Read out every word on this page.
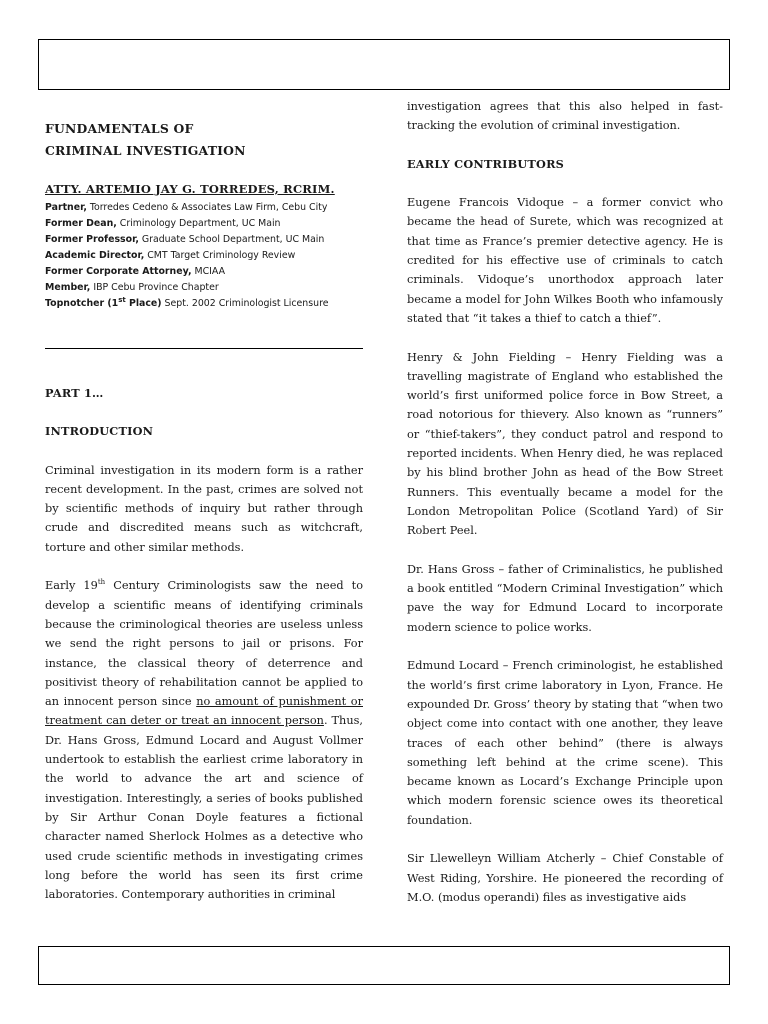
FUNDAMENTALS OF
CRIMINAL INVESTIGATION
ATTY. ARTEMIO JAY G. TORREDES, RCRIM.
Partner, Torredes Cedeno & Associates Law Firm, Cebu City
Former Dean, Criminology Department, UC Main
Former Professor, Graduate School Department, UC Main
Academic Director, CMT Target Criminology Review
Former Corporate Attorney, MCIAA
Member, IBP Cebu Province Chapter
Topnotcher (1st Place) Sept. 2002 Criminologist Licensure
PART 1…
INTRODUCTION
Criminal investigation in its modern form is a rather recent development. In the past, crimes are solved not by scientific methods of inquiry but rather through crude and discredited means such as witchcraft, torture and other similar methods.
Early 19th Century Criminologists saw the need to develop a scientific means of identifying criminals because the criminological theories are useless unless we send the right persons to jail or prisons. For instance, the classical theory of deterrence and positivist theory of rehabilitation cannot be applied to an innocent person since no amount of punishment or treatment can deter or treat an innocent person. Thus, Dr. Hans Gross, Edmund Locard and August Vollmer undertook to establish the earliest crime laboratory in the world to advance the art and science of investigation. Interestingly, a series of books published by Sir Arthur Conan Doyle features a fictional character named Sherlock Holmes as a detective who used crude scientific methods in investigating crimes long before the world has seen its first crime laboratories. Contemporary authorities in criminal
investigation agrees that this also helped in fast-tracking the evolution of criminal investigation.
EARLY CONTRIBUTORS
Eugene Francois Vidoque – a former convict who became the head of Surete, which was recognized at that time as France’s premier detective agency. He is credited for his effective use of criminals to catch criminals. Vidoque’s unorthodox approach later became a model for John Wilkes Booth who infamously stated that “it takes a thief to catch a thief”.
Henry & John Fielding – Henry Fielding was a travelling magistrate of England who established the world’s first uniformed police force in Bow Street, a road notorious for thievery. Also known as “runners” or “thief-takers”, they conduct patrol and respond to reported incidents. When Henry died, he was replaced by his blind brother John as head of the Bow Street Runners. This eventually became a model for the London Metropolitan Police (Scotland Yard) of Sir Robert Peel.
Dr. Hans Gross – father of Criminalistics, he published a book entitled “Modern Criminal Investigation” which pave the way for Edmund Locard to incorporate modern science to police works.
Edmund Locard – French criminologist, he established the world’s first crime laboratory in Lyon, France. He expounded Dr. Gross’ theory by stating that “when two object come into contact with one another, they leave traces of each other behind” (there is always something left behind at the crime scene). This became known as Locard’s Exchange Principle upon which modern forensic science owes its theoretical foundation.
Sir Llewelleyn William Atcherly – Chief Constable of West Riding, Yorshire. He pioneered the recording of M.O. (modus operandi) files as investigative aids
